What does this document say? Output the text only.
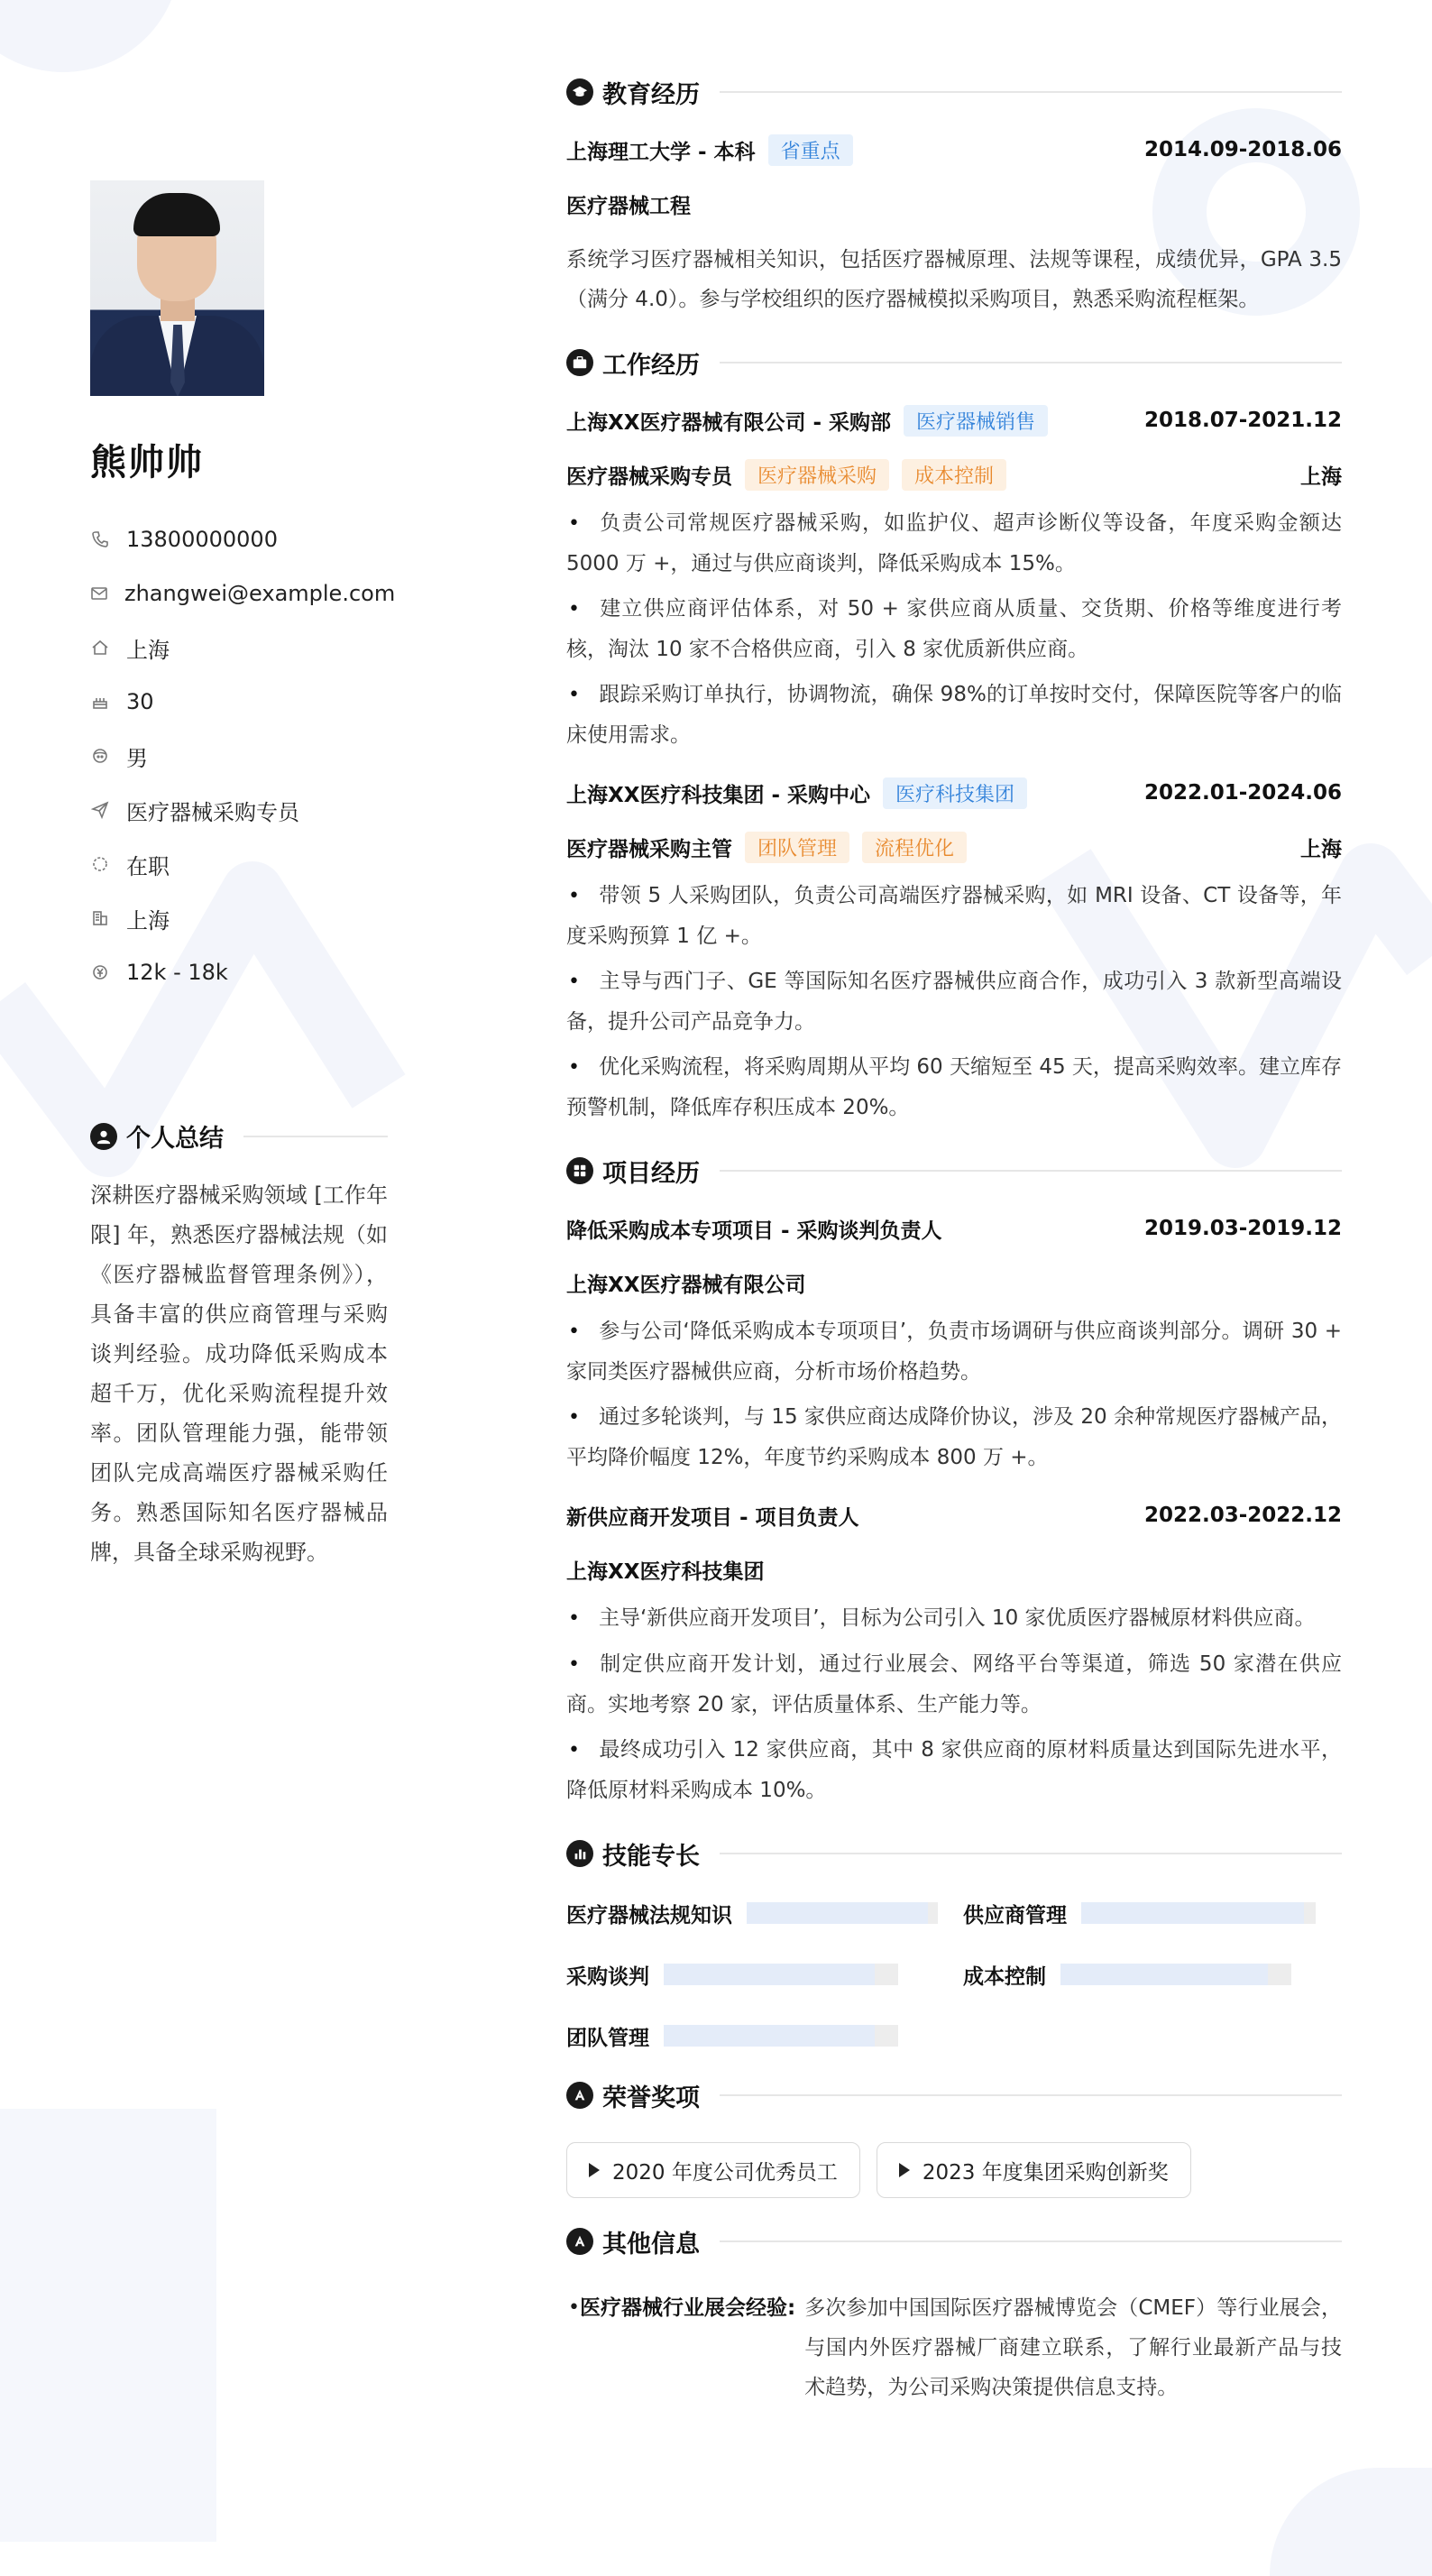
熊帅帅
13800000000
zhangwei@example.com
上海
30
男
医疗器械采购专员
在职
上海
12k - 18k
个人总结
深耕医疗器械采购领域 [工作年限] 年，熟悉医疗器械法规（如《医疗器械监督管理条例》），具备丰富的供应商管理与采购谈判经验。成功降低采购成本超千万，优化采购流程提升效率。团队管理能力强，能带领团队完成高端医疗器械采购任务。熟悉国际知名医疗器械品牌，具备全球采购视野。
教育经历
上海理工大学 - 本科	省重点	2014.09-2018.06
医疗器械工程
系统学习医疗器械相关知识，包括医疗器械原理、法规等课程，成绩优异，GPA 3.5（满分 4.0）。参与学校组织的医疗器械模拟采购项目，熟悉采购流程框架。
工作经历
上海XX医疗器械有限公司 - 采购部	医疗器械销售	2018.07-2021.12
医疗器械采购专员	医疗器械采购	成本控制	上海
• 负责公司常规医疗器械采购，如监护仪、超声诊断仪等设备，年度采购金额达 5000 万 +，通过与供应商谈判，降低采购成本 15%。
• 建立供应商评估体系，对 50 + 家供应商从质量、交货期、价格等维度进行考核，淘汰 10 家不合格供应商，引入 8 家优质新供应商。
• 跟踪采购订单执行，协调物流，确保 98%的订单按时交付，保障医院等客户的临床使用需求。
上海XX医疗科技集团 - 采购中心	医疗科技集团	2022.01-2024.06
医疗器械采购主管	团队管理	流程优化	上海
• 带领 5 人采购团队，负责公司高端医疗器械采购，如 MRI 设备、CT 设备等，年度采购预算 1 亿 +。
• 主导与西门子、GE 等国际知名医疗器械供应商合作，成功引入 3 款新型高端设备，提升公司产品竞争力。
• 优化采购流程，将采购周期从平均 60 天缩短至 45 天，提高采购效率。建立库存预警机制，降低库存积压成本 20%。
项目经历
降低采购成本专项项目 - 采购谈判负责人	2019.03-2019.12
上海XX医疗器械有限公司
• 参与公司‘降低采购成本专项项目’，负责市场调研与供应商谈判部分。调研 30 + 家同类医疗器械供应商，分析市场价格趋势。
• 通过多轮谈判，与 15 家供应商达成降价协议，涉及 20 余种常规医疗器械产品，平均降价幅度 12%，年度节约采购成本 800 万 +。
新供应商开发项目 - 项目负责人	2022.03-2022.12
上海XX医疗科技集团
• 主导‘新供应商开发项目’，目标为公司引入 10 家优质医疗器械原材料供应商。
• 制定供应商开发计划，通过行业展会、网络平台等渠道，筛选 50 家潜在供应商。实地考察 20 家，评估质量体系、生产能力等。
• 最终成功引入 12 家供应商，其中 8 家供应商的原材料质量达到国际先进水平，降低原材料采购成本 10%。
技能专长
医疗器械法规知识	供应商管理
采购谈判	成本控制
团队管理
荣誉奖项
2020 年度公司优秀员工	2023 年度集团采购创新奖
其他信息
• 医疗器械行业展会经验: 多次参加中国国际医疗器械博览会（CMEF）等行业展会，与国内外医疗器械厂商建立联系，了解行业最新产品与技术趋势，为公司采购决策提供信息支持。
